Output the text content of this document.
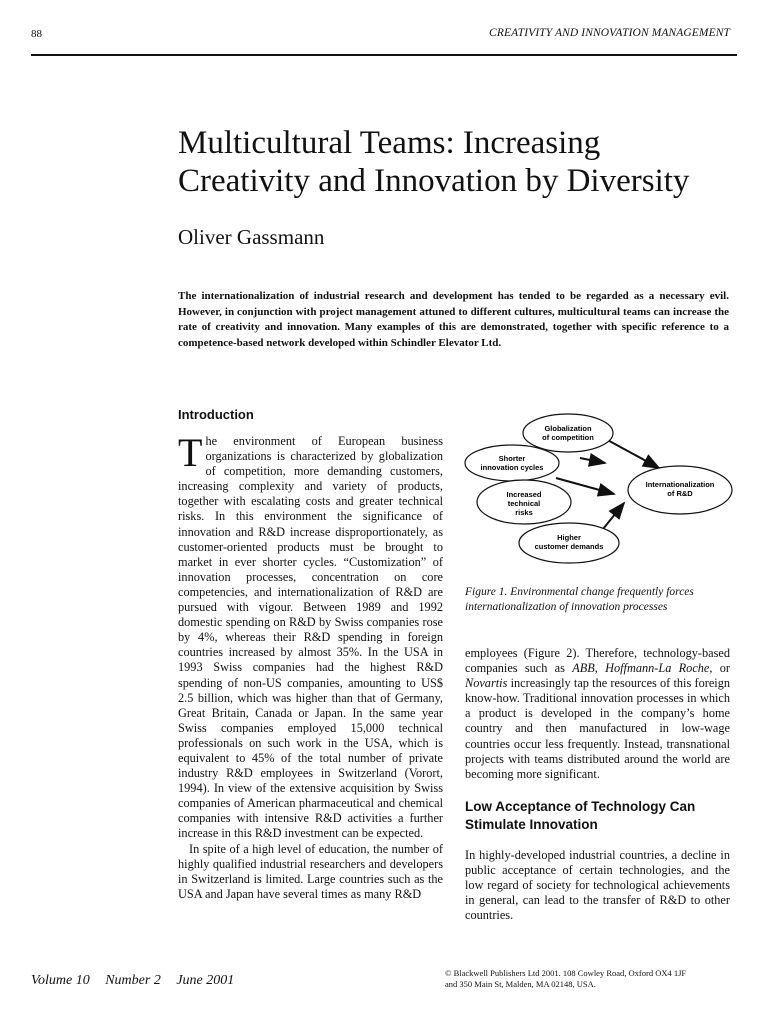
88	CREATIVITY AND INNOVATION MANAGEMENT
Multicultural Teams: Increasing
Creativity and Innovation by Diversity
Oliver Gassmann

The internationalization of industrial research and development has tended to be regarded as a necessary evil. However, in conjunction with project management attuned to different cultures, multicultural teams can increase the rate of creativity and innovation. Many examples of this are demonstrated, together with specific reference to a competence-based network developed within Schindler Elevator Ltd.

Introduction

The environment of European business organizations is characterized by globalization of competition, more demanding customers, increasing complexity and variety of products, together with escalating costs and greater technical risks. In this environment the significance of innovation and R&D increase disproportionately, as customer-oriented products must be brought to market in ever shorter cycles. “Customization” of innovation processes, concentration on core competencies, and internationalization of R&D are pursued with vigour. Between 1989 and 1992 domestic spending on R&D by Swiss companies rose by 4%, whereas their R&D spending in foreign countries increased by almost 35%. In the USA in 1993 Swiss companies had the highest R&D spending of non-US companies, amounting to US$ 2.5 billion, which was higher than that of Germany, Great Britain, Canada or Japan. In the same year Swiss companies employed 15,000 technical professionals on such work in the USA, which is equivalent to 45% of the total number of private industry R&D employees in Switzerland (Vorort, 1994). In view of the extensive acquisition by Swiss companies of American pharmaceutical and chemical companies with intensive R&D activities a further increase in this R&D investment can be expected.

In spite of a high level of education, the number of highly qualified industrial researchers and developers in Switzerland is limited. Large countries such as the USA and Japan have several times as many R&D

Globalization
of competition
Shorter
innovation cycles
Increased
technical
risks
Higher
customer demands
Internationalization
of R&D

Figure 1. Environmental change frequently forces internationalization of innovation processes

employees (Figure 2). Therefore, technology-based companies such as ABB, Hoffmann-La Roche, or Novartis increasingly tap the resources of this foreign know-how. Traditional innovation processes in which a product is developed in the company’s home country and then manufactured in low-wage countries occur less frequently. Instead, transnational projects with teams distributed around the world are becoming more significant.

Low Acceptance of Technology Can Stimulate Innovation

In highly-developed industrial countries, a decline in public acceptance of certain technologies, and the low regard of society for technological achievements in general, can lead to the transfer of R&D to other countries.

Volume 10 Number 2 June 2001	© Blackwell Publishers Ltd 2001. 108 Cowley Road, Oxford OX4 1JF
and 350 Main St, Malden, MA 02148, USA.
